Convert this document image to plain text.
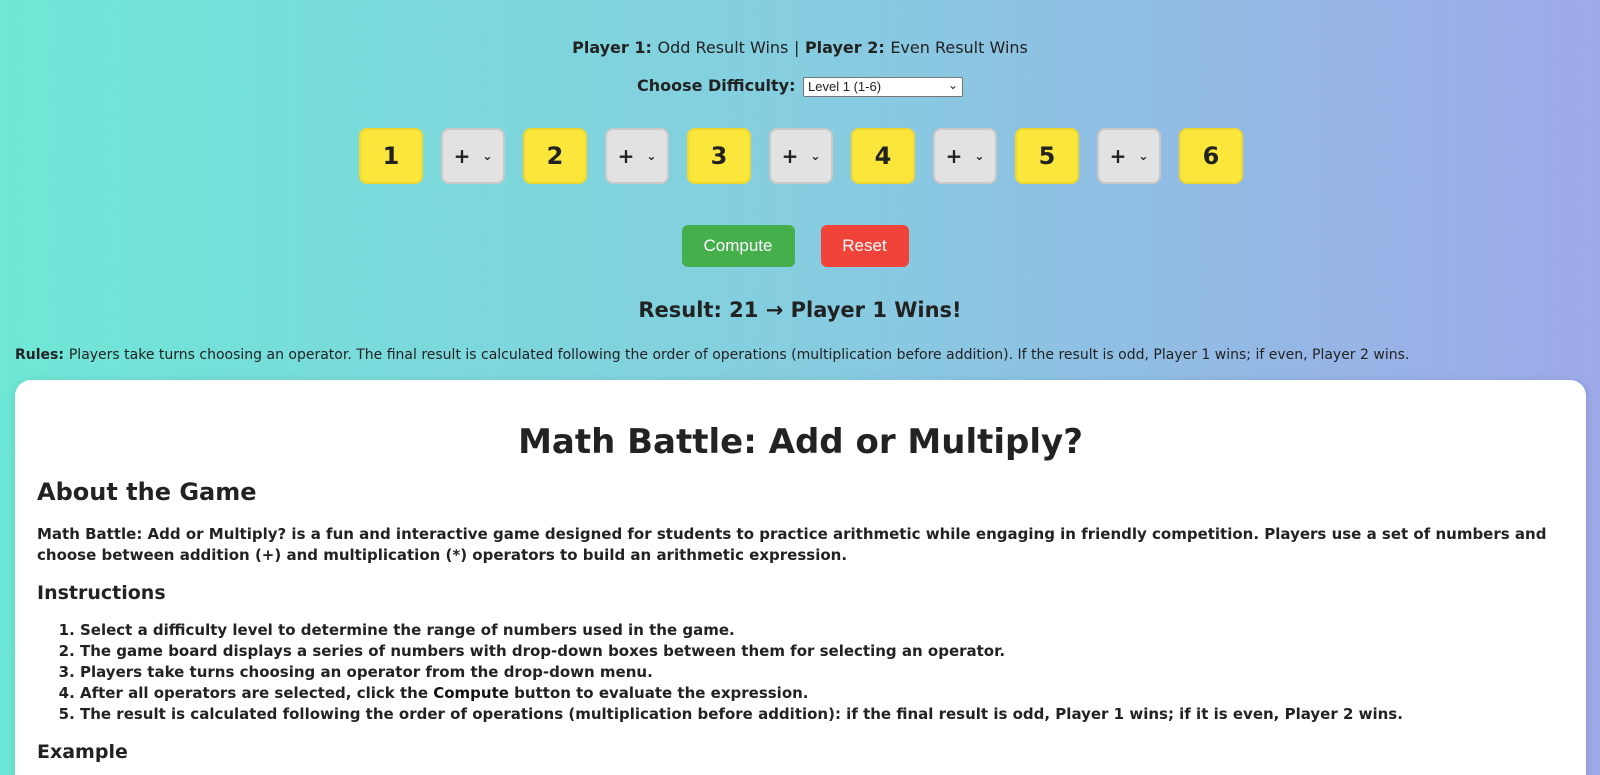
Player 1: Odd Result Wins | Player 2: Even Result Wins
Choose Difficulty: Level 1 (1-6)	⌄
1	+ ⌄	2	+ ⌄	3	+ ⌄	4	+ ⌄	5	+ ⌄	6
Compute	Reset
Result: 21 → Player 1 Wins!
Rules: Players take turns choosing an operator. The final result is calculated following the order of operations (multiplication before addition). If the result is odd, Player 1 wins; if even, Player 2 wins.
Math Battle: Add or Multiply?
About the Game

Math Battle: Add or Multiply? is a fun and interactive game designed for students to practice arithmetic while engaging in friendly competition. Players use a set of numbers and choose between addition (+) and multiplication (*) operators to build an arithmetic expression.

Instructions
1. Select a difficulty level to determine the range of numbers used in the game.
2. The game board displays a series of numbers with drop-down boxes between them for selecting an operator.
3. Players take turns choosing an operator from the drop-down menu.
4. After all operators are selected, click the Compute button to evaluate the expression.
5. The result is calculated following the order of operations (multiplication before addition): if the final result is odd, Player 1 wins; if it is even, Player 2 wins.
Example
